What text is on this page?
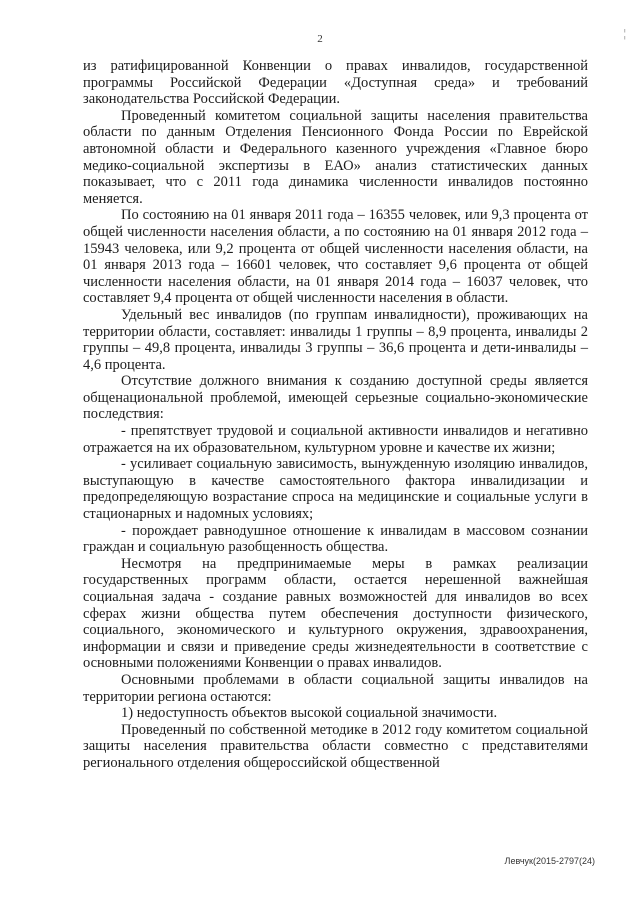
2	¦

из ратифицированной Конвенции о правах инвалидов, государственной программы Российской Федерации «Доступная среда» и требований законодательства Российской Федерации.

Проведенный комитетом социальной защиты населения правительства области по данным Отделения Пенсионного Фонда России по Еврейской автономной области и Федерального казенного учреждения «Главное бюро медико-социальной экспертизы в ЕАО» анализ статистических данных показывает, что с 2011 года динамика численности инвалидов постоянно меняется.

По состоянию на 01 января 2011 года – 16355 человек, или 9,3 процента от общей численности населения области, а по состоянию на 01 января 2012 года – 15943 человека, или 9,2 процента от общей численности населения области, на 01 января 2013 года – 16601 человек, что составляет 9,6 процента от общей численности населения области, на 01 января 2014 года – 16037 человек, что составляет 9,4 процента от общей численности населения в области.

Удельный вес инвалидов (по группам инвалидности), проживающих на территории области, составляет: инвалиды 1 группы – 8,9 процента, инвалиды 2 группы – 49,8 процента, инвалиды 3 группы – 36,6 процента и дети-инвалиды – 4,6 процента.

Отсутствие должного внимания к созданию доступной среды является общенациональной проблемой, имеющей серьезные социально-экономические последствия:

- препятствует трудовой и социальной активности инвалидов и негативно отражается на их образовательном, культурном уровне и качестве их жизни;

- усиливает социальную зависимость, вынужденную изоляцию инвалидов, выступающую в качестве самостоятельного фактора инвалидизации и предопределяющую возрастание спроса на медицинские и социальные услуги в стационарных и надомных условиях;

- порождает равнодушное отношение к инвалидам в массовом сознании граждан и социальную разобщенность общества.

Несмотря на предпринимаемые меры в рамках реализации государственных программ области, остается нерешенной важнейшая социальная задача - создание равных возможностей для инвалидов во всех сферах жизни общества путем обеспечения доступности физического, социального, экономического и культурного окружения, здравоохранения, информации и связи и приведение среды жизнедеятельности в соответствие с основными положениями Конвенции о правах инвалидов.

Основными проблемами в области социальной защиты инвалидов на территории региона остаются:

1) недоступность объектов высокой социальной значимости.

Проведенный по собственной методике в 2012 году комитетом социальной защиты населения правительства области совместно с представителями регионального отделения общероссийской общественной

Левчук(2015-2797(24)
